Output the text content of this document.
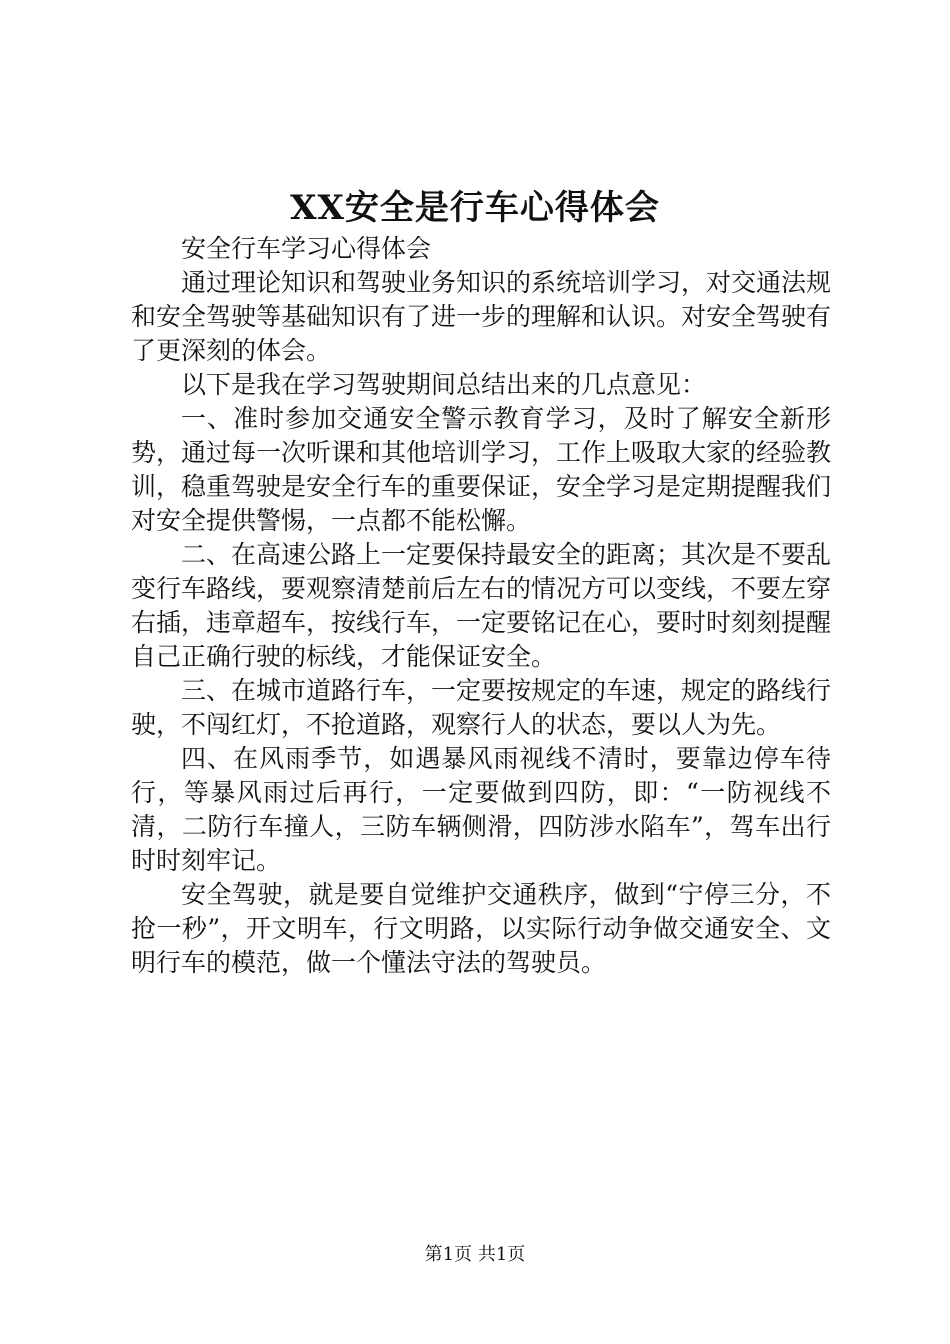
XX安全是行车心得体会

安全行车学习心得体会

通过理论知识和驾驶业务知识的系统培训学习，对交通法规和安全驾驶等基础知识有了进一步的理解和认识。对安全驾驶有了更深刻的体会。

以下是我在学习驾驶期间总结出来的几点意见：

一、准时参加交通安全警示教育学习，及时了解安全新形势，通过每一次听课和其他培训学习，工作上吸取大家的经验教训，稳重驾驶是安全行车的重要保证，安全学习是定期提醒我们对安全提供警惕，一点都不能松懈。

二、在高速公路上一定要保持最安全的距离；其次是不要乱变行车路线，要观察清楚前后左右的情况方可以变线，不要左穿右插，违章超车，按线行车，一定要铭记在心，要时时刻刻提醒自己正确行驶的标线，才能保证安全。

三、在城市道路行车，一定要按规定的车速，规定的路线行驶，不闯红灯，不抢道路，观察行人的状态，要以人为先。

四、在风雨季节，如遇暴风雨视线不清时，要靠边停车待行，等暴风雨过后再行，一定要做到四防，即：“一防视线不清，二防行车撞人，三防车辆侧滑，四防涉水陷车”，驾车出行时时刻牢记。

安全驾驶，就是要自觉维护交通秩序，做到“宁停三分，不抢一秒”，开文明车，行文明路，以实际行动争做交通安全、文明行车的模范，做一个懂法守法的驾驶员。

第1页 共1页
